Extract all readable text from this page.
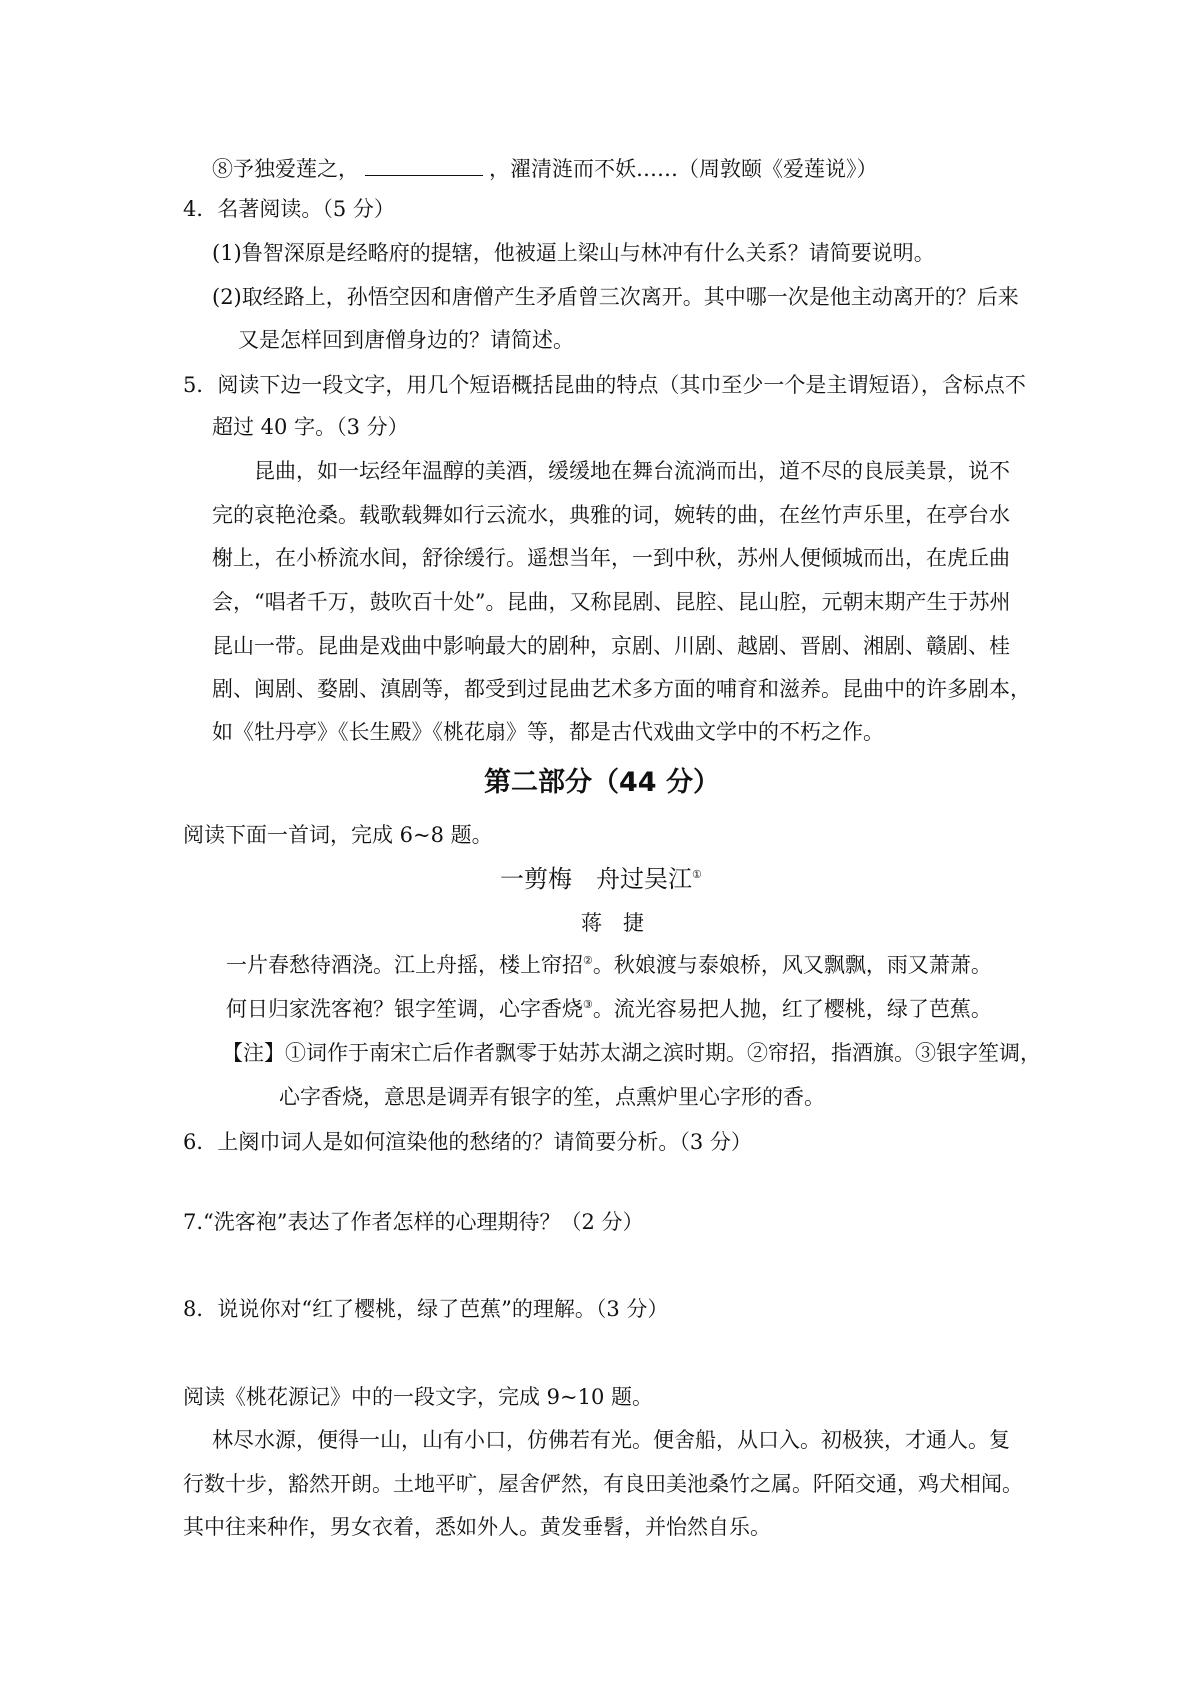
⑧予独爱莲之，	，濯清涟而不妖……（周敦颐《爱莲说》）
4．名著阅读。（5 分）
(1)鲁智深原是经略府的提辖，他被逼上梁山与林冲有什么关系？请简要说明。
(2)取经路上，孙悟空因和唐僧产生矛盾曾三次离开。其中哪一次是他主动离开的？后来
又是怎样回到唐僧身边的？请简述。
5．阅读下边一段文字，用几个短语概括昆曲的特点（其巾至少一个是主谓短语），含标点不
超过 40 字。（3 分）
昆曲，如一坛经年温醇的美酒，缓缓地在舞台流淌而出，道不尽的良辰美景，说不
完的哀艳沧桑。载歌载舞如行云流水，典雅的词，婉转的曲，在丝竹声乐里，在亭台水
榭上，在小桥流水间，舒徐缓行。遥想当年，一到中秋，苏州人便倾城而出，在虎丘曲
会，“唱者千万，鼓吹百十处”。昆曲，又称昆剧、昆腔、昆山腔，元朝末期产生于苏州
昆山一带。昆曲是戏曲中影响最大的剧种，京剧、川剧、越剧、晋剧、湘剧、赣剧、桂
剧、闽剧、婺剧、滇剧等，都受到过昆曲艺术多方面的哺育和滋养。昆曲中的许多剧本，
如《牡丹亭》《长生殿》《桃花扇》等，都是古代戏曲文学中的不朽之作。
第二部分（44 分）
阅读下面一首词，完成 6~8 题。
一剪梅　舟过吴江①
蒋　捷
一片春愁待酒浇。江上舟摇，楼上帘招②。秋娘渡与泰娘桥，风又飘飘，雨又萧萧。
何日归家洗客袍？银字笙调，心字香烧③。流光容易把人抛，红了樱桃，绿了芭蕉。
【注】①词作于南宋亡后作者飘零于姑苏太湖之滨时期。②帘招，指酒旗。③银字笙调，
心字香烧，意思是调弄有银字的笙，点熏炉里心字形的香。
6．上阕巾词人是如何渲染他的愁绪的？请简要分析。（3 分）
7.“洗客袍”表达了作者怎样的心理期待？（2 分）
8．说说你对“红了樱桃，绿了芭蕉”的理解。（3 分）
阅读《桃花源记》中的一段文字，完成 9~10 题。
林尽水源，便得一山，山有小口，仿佛若有光。便舍船，从口入。初极狭，才通人。复
行数十步，豁然开朗。土地平旷，屋舍俨然，有良田美池桑竹之属。阡陌交通，鸡犬相闻。
其中往来种作，男女衣着，悉如外人。黄发垂髫，并怡然自乐。
